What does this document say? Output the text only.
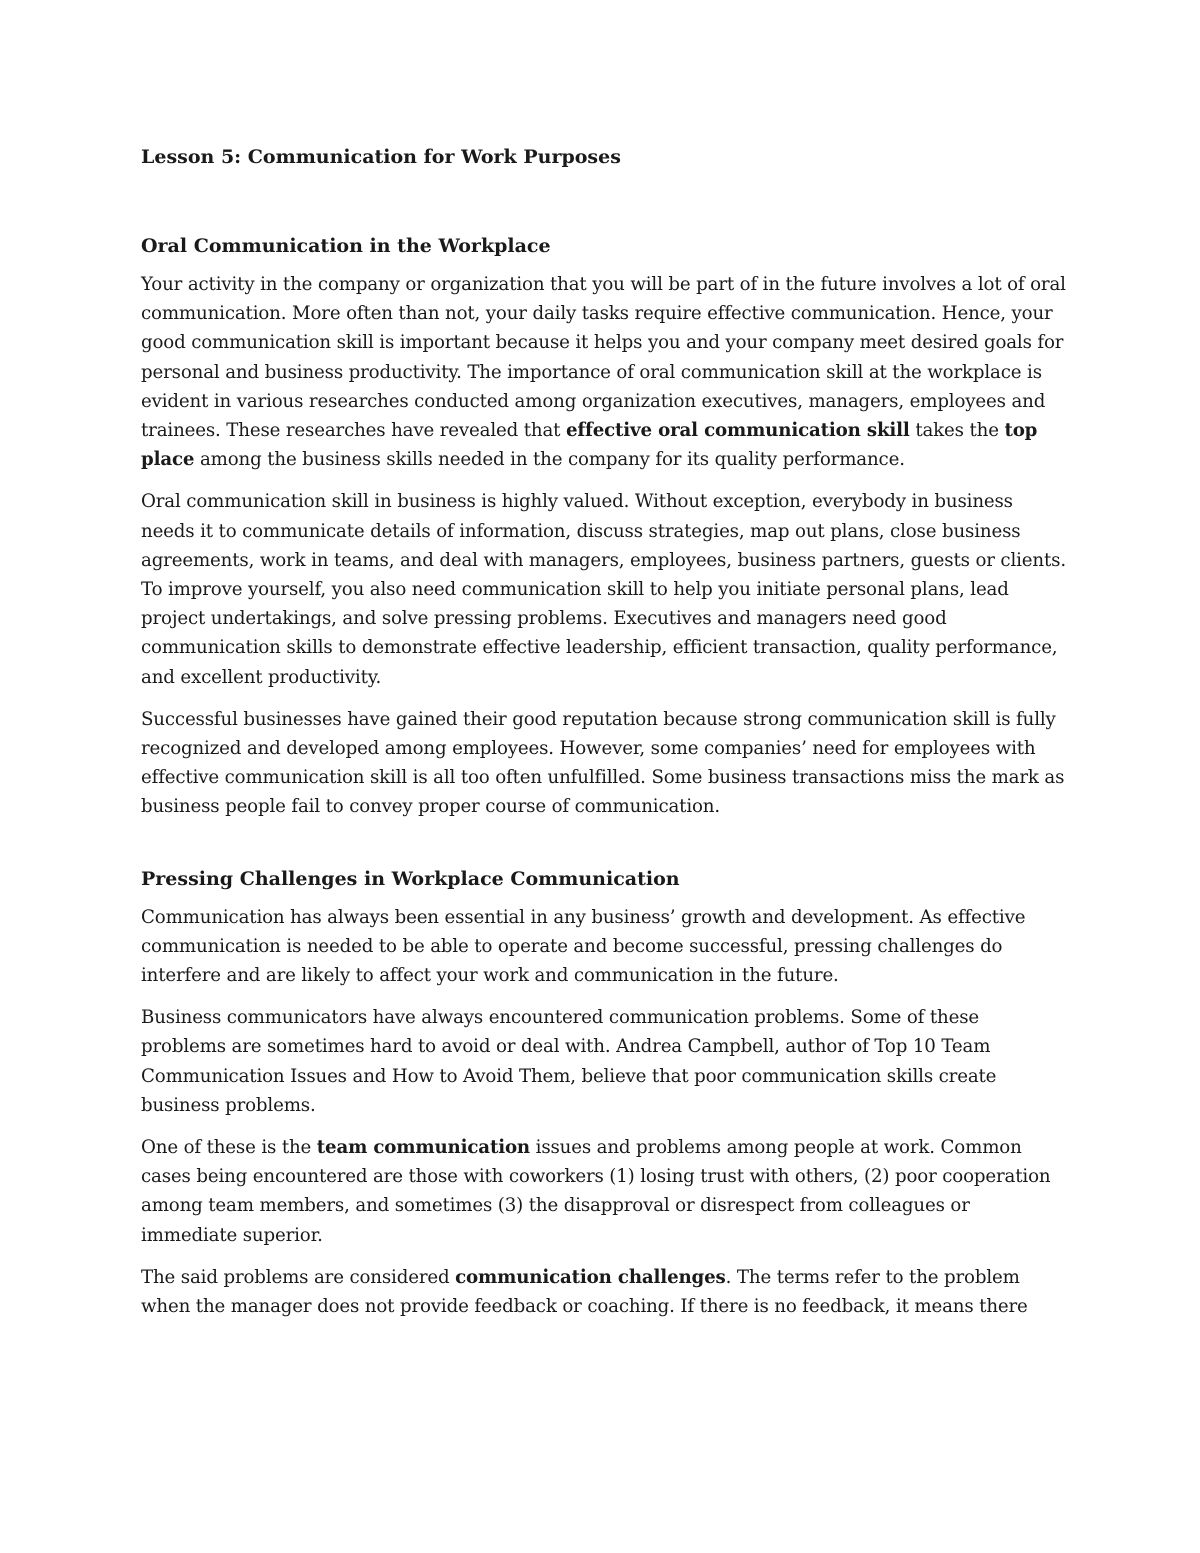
Lesson 5: Communication for Work Purposes
Oral Communication in the Workplace

Your activity in the company or organization that you will be part of in the future involves a lot of oral communication. More often than not, your daily tasks require effective communication. Hence, your good communication skill is important because it helps you and your company meet desired goals for personal and business productivity. The importance of oral communication skill at the workplace is evident in various researches conducted among organization executives, managers, employees and trainees. These researches have revealed that effective oral communication skill takes the top place among the business skills needed in the company for its quality performance.

Oral communication skill in business is highly valued. Without exception, everybody in business needs it to communicate details of information, discuss strategies, map out plans, close business agreements, work in teams, and deal with managers, employees, business partners, guests or clients. To improve yourself, you also need communication skill to help you initiate personal plans, lead project undertakings, and solve pressing problems. Executives and managers need good communication skills to demonstrate effective leadership, efficient transaction, quality performance, and excellent productivity.

Successful businesses have gained their good reputation because strong communication skill is fully recognized and developed among employees. However, some companies’ need for employees with effective communication skill is all too often unfulfilled. Some business transactions miss the mark as business people fail to convey proper course of communication.

Pressing Challenges in Workplace Communication

Communication has always been essential in any business’ growth and development. As effective communication is needed to be able to operate and become successful, pressing challenges do interfere and are likely to affect your work and communication in the future.

Business communicators have always encountered communication problems. Some of these problems are sometimes hard to avoid or deal with. Andrea Campbell, author of Top 10 Team Communication Issues and How to Avoid Them, believe that poor communication skills create business problems.

One of these is the team communication issues and problems among people at work. Common cases being encountered are those with coworkers (1) losing trust with others, (2) poor cooperation among team members, and sometimes (3) the disapproval or disrespect from colleagues or immediate superior.

The said problems are considered communication challenges. The terms refer to the problem when the manager does not provide feedback or coaching. If there is no feedback, it means there
